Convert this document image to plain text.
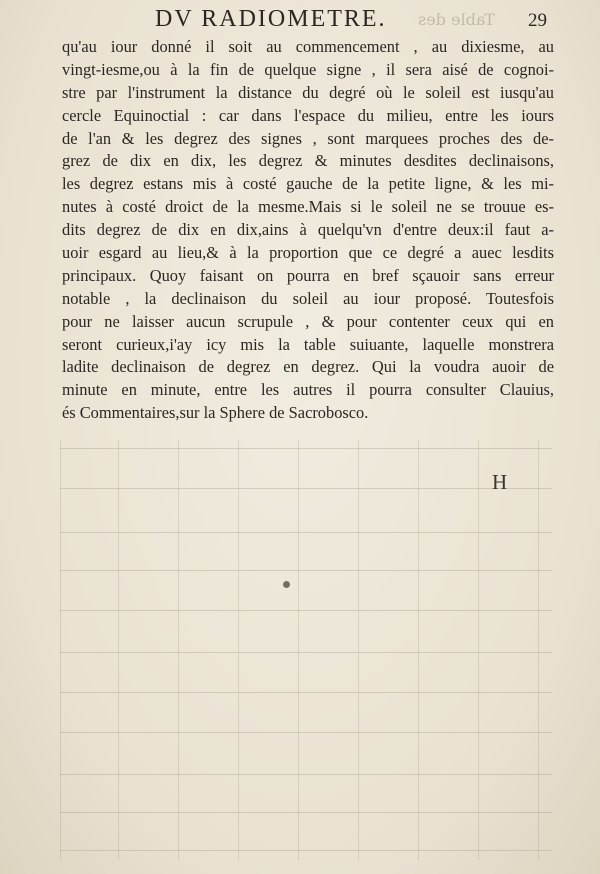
DV RADIOMETRE. Table des 29
qu'au iour donné il soit au commencement , au dixiesme, au
vingt-iesme,ou à la fin de quelque signe , il sera aisé de cognoi-
stre par l'instrument la distance du degré où le soleil est iusqu'au
cercle Equinoctial : car dans l'espace du milieu, entre les iours
de l'an & les degrez des signes , sont marquees proches des de-
grez de dix en dix, les degrez & minutes desdites declinaisons,
les degrez estans mis à costé gauche de la petite ligne, & les mi-
nutes à costé droict de la mesme.Mais si le soleil ne se trouue es-
dits degrez de dix en dix,ains à quelqu'vn d'entre deux:il faut a-
uoir esgard au lieu,& à la proportion que ce degré a auec lesdits
principaux. Quoy faisant on pourra en bref sçauoir sans erreur
notable , la declinaison du soleil au iour proposé. Toutesfois
pour ne laisser aucun scrupule , & pour contenter ceux qui en
seront curieux,i'ay icy mis la table suiuante, laquelle monstrera
ladite declinaison de degrez en degrez. Qui la voudra auoir de
minute en minute, entre les autres il pourra consulter Clauius,
és Commentaires,sur la Sphere de Sacrobosco.
H
